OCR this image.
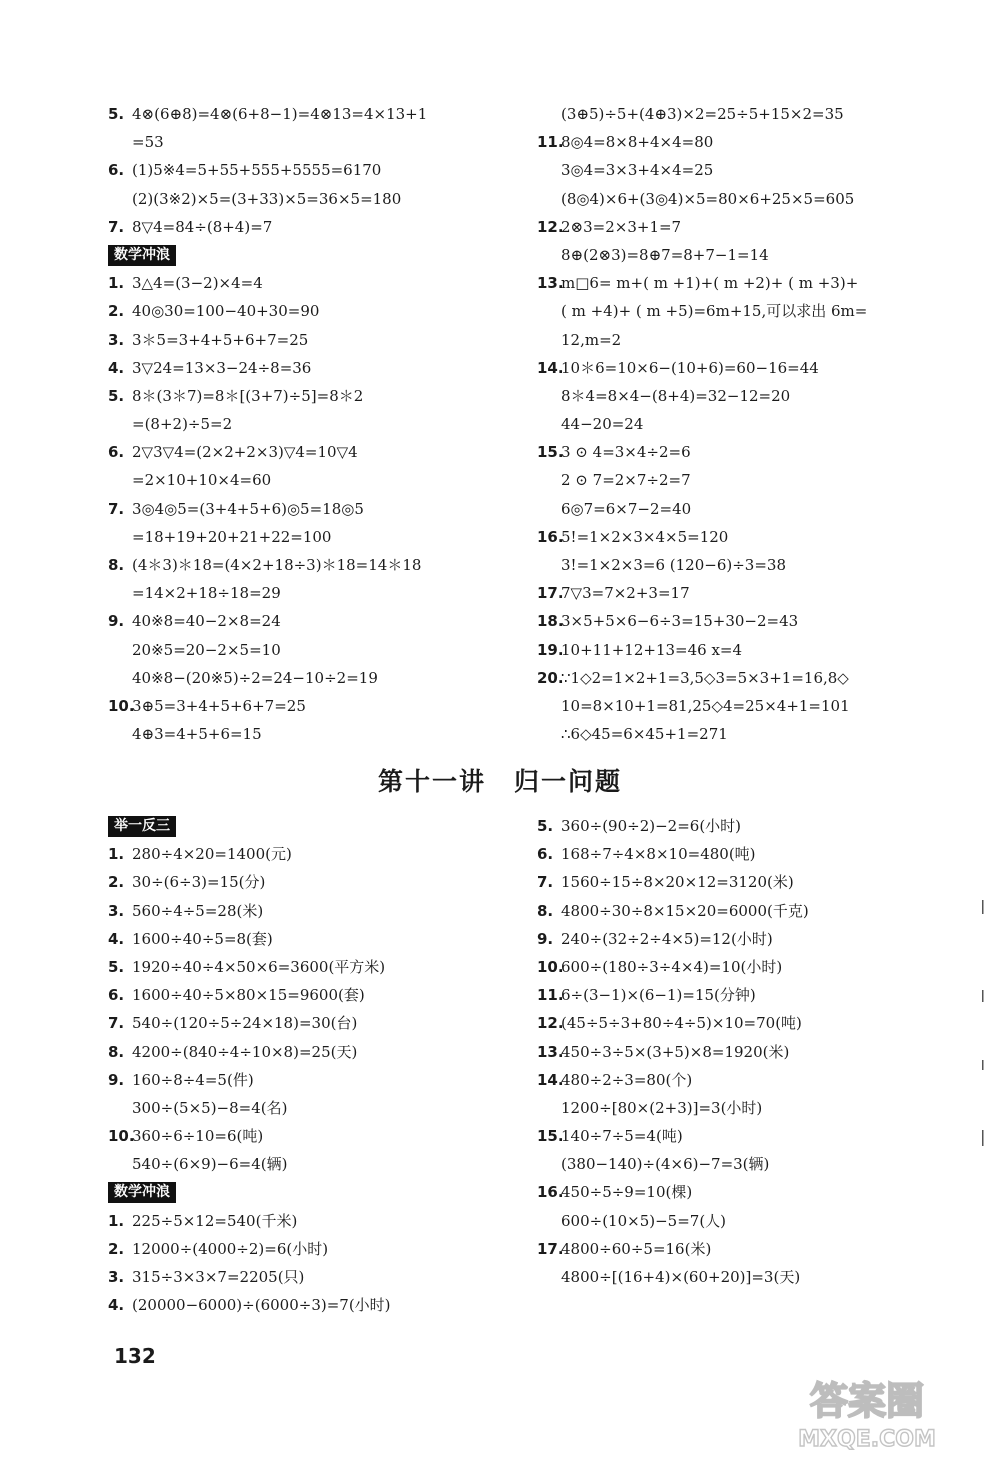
5. 4⊗(6⊕8)=4⊗(6+8−1)=4⊗13=4×13+1
=53
6. (1)5※4=5+55+555+5555=6170
(2)(3※2)×5=(3+33)×5=36×5=180
7. 8▽4=84÷(8+4)=7
数学冲浪
1. 3△4=(3−2)×4=4
2. 40◎30=100−40+30=90
3. 3＊5=3+4+5+6+7=25
4. 3▽24=13×3−24÷8=36
5. 8＊(3＊7)=8＊[(3+7)÷5]=8＊2
=(8+2)÷5=2
6. 2▽3▽4=(2×2+2×3)▽4=10▽4
=2×10+10×4=60
7. 3◎4◎5=(3+4+5+6)◎5=18◎5
=18+19+20+21+22=100
8. (4＊3)＊18=(4×2+18÷3)＊18=14＊18
=14×2+18÷18=29
9. 40※8=40−2×8=24
20※5=20−2×5=10
40※8−(20※5)÷2=24−10÷2=19
10.
3⊕5=3+4+5+6+7=25
4⊕3=4+5+6=15
(3⊕5)÷5+(4⊕3)×2=25÷5+15×2=35
11.
8◎4=8×8+4×4=80
3◎4=3×3+4×4=25
(8◎4)×6+(3◎4)×5=80×6+25×5=605
12.
2⊗3=2×3+1=7
8⊕(2⊗3)=8⊕7=8+7−1=14
13.
m□6= m+( m +1)+( m +2)+ ( m +3)+
( m +4)+ ( m +5)=6m+15,可以求出 6m=
12,m=2
14.
10＊6=10×6−(10+6)=60−16=44
8＊4=8×4−(8+4)=32−12=20
44−20=24
15.
3 ⊙ 4=3×4÷2=6
2 ⊙ 7=2×7÷2=7
6◎7=6×7−2=40
16.
5!=1×2×3×4×5=120
3!=1×2×3=6 (120−6)÷3=38
17.
7▽3=7×2+3=17
18.
3×5+5×6−6÷3=15+30−2=43
19.
10+11+12+13=46 x=4
20.
∵1◇2=1×2+1=3,5◇3=5×3+1=16,8◇
10=8×10+1=81,25◇4=25×4+1=101
∴6◇45=6×45+1=271
第十一讲 归一问题
举一反三
1. 280÷4×20=1400(元)
2. 30÷(6÷3)=15(分)
3. 560÷4÷5=28(米)
4. 1600÷40÷5=8(套)
5. 1920÷40÷4×50×6=3600(平方米)
6. 1600÷40÷5×80×15=9600(套)
7. 540÷(120÷5÷24×18)=30(台)
8. 4200÷(840÷4÷10×8)=25(天)
9. 160÷8÷4=5(件)
300÷(5×5)−8=4(名)
10.
360÷6÷10=6(吨)
540÷(6×9)−6=4(辆)
数学冲浪
1. 225÷5×12=540(千米)
2. 12000÷(4000÷2)=6(小时)
3. 315÷3×3×7=2205(只)
4. (20000−6000)÷(6000÷3)=7(小时)
5. 360÷(90÷2)−2=6(小时)
6. 168÷7÷4×8×10=480(吨)
7. 1560÷15÷8×20×12=3120(米)
8. 4800÷30÷8×15×20=6000(千克)
9. 240÷(32÷2÷4×5)=12(小时)
10.
600÷(180÷3÷4×4)=10(小时)
11.
6÷(3−1)×(6−1)=15(分钟)
12.
(45÷5÷3+80÷4÷5)×10=70(吨)
13.
450÷3÷5×(3+5)×8=1920(米)
14.
480÷2÷3=80(个)
1200÷[80×(2+3)]=3(小时)
15.
140÷7÷5=4(吨)
(380−140)÷(4×6)−7=3(辆)
16.
450÷5÷9=10(棵)
600÷(10×5)−5=7(人)
17.
4800÷60÷5=16(米)
4800÷[(16+4)×(60+20)]=3(天)
132
答案圈
MXQE.COM
